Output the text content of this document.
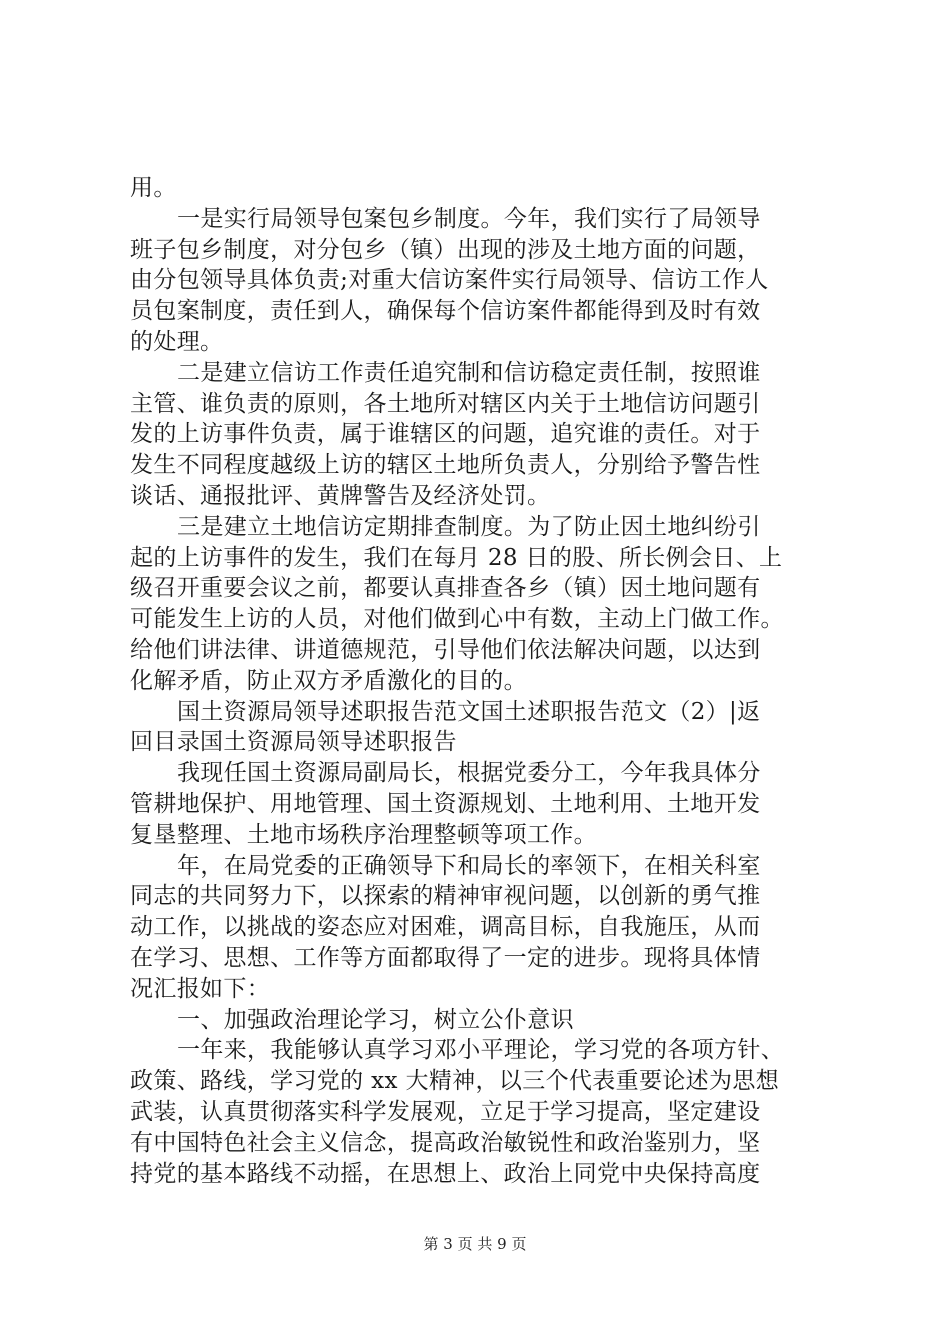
用。
一是实行局领导包案包乡制度。今年，我们实行了局领导
班子包乡制度，对分包乡（镇）出现的涉及土地方面的问题，
由分包领导具体负责;对重大信访案件实行局领导、信访工作人
员包案制度，责任到人，确保每个信访案件都能得到及时有效
的处理。
二是建立信访工作责任追究制和信访稳定责任制，按照谁
主管、谁负责的原则，各土地所对辖区内关于土地信访问题引
发的上访事件负责，属于谁辖区的问题，追究谁的责任。对于
发生不同程度越级上访的辖区土地所负责人，分别给予警告性
谈话、通报批评、黄牌警告及经济处罚。
三是建立土地信访定期排查制度。为了防止因土地纠纷引
起的上访事件的发生，我们在每月 28 日的股、所长例会日、上
级召开重要会议之前，都要认真排查各乡（镇）因土地问题有
可能发生上访的人员，对他们做到心中有数，主动上门做工作。
给他们讲法律、讲道德规范，引导他们依法解决问题，以达到
化解矛盾，防止双方矛盾激化的目的。
国土资源局领导述职报告范文国土述职报告范文（2）|返
回目录国土资源局领导述职报告
我现任国土资源局副局长，根据党委分工，今年我具体分
管耕地保护、用地管理、国土资源规划、土地利用、土地开发
复垦整理、土地市场秩序治理整顿等项工作。
年，在局党委的正确领导下和局长的率领下，在相关科室
同志的共同努力下，以探索的精神审视问题，以创新的勇气推
动工作，以挑战的姿态应对困难，调高目标，自我施压，从而
在学习、思想、工作等方面都取得了一定的进步。现将具体情
况汇报如下：
一、加强政治理论学习，树立公仆意识
一年来，我能够认真学习邓小平理论，学习党的各项方针、
政策、路线，学习党的 xx 大精神，以三个代表重要论述为思想
武装，认真贯彻落实科学发展观，立足于学习提高，坚定建设
有中国特色社会主义信念，提高政治敏锐性和政治鉴别力，坚
持党的基本路线不动摇，在思想上、政治上同党中央保持高度
第 3 页 共 9 页
